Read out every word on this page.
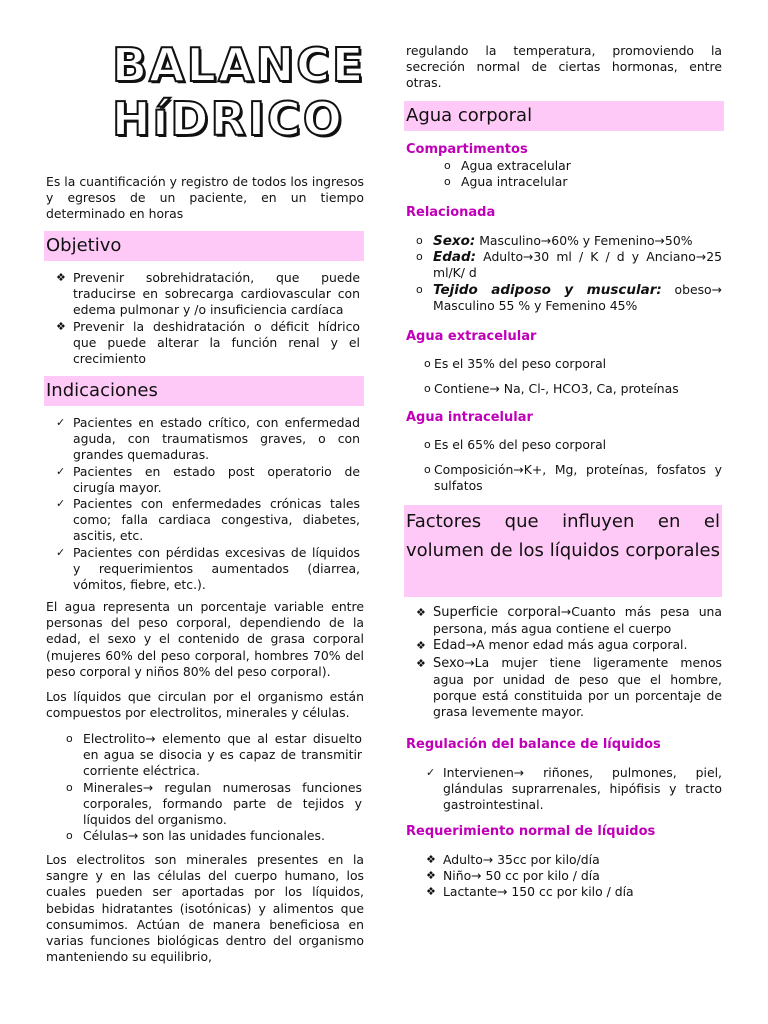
BALANCE
HíDRICO

Es la cuantificación y registro de todos los ingresos y egresos de un paciente, en un tiempo determinado en horas

Objetivo
❖ Prevenir sobrehidratación, que puede traducirse en sobrecarga cardiovascular con edema pulmonar y /o insuficiencia cardíaca
❖ Prevenir la deshidratación o déficit hídrico que puede alterar la función renal y el crecimiento
Indicaciones
✓ Pacientes en estado crítico, con enfermedad aguda, con traumatismos graves, o con grandes quemaduras.
✓ Pacientes en estado post operatorio de cirugía mayor.
✓ Pacientes con enfermedades crónicas tales como; falla cardiaca congestiva, diabetes, ascitis, etc.
✓ Pacientes con pérdidas excesivas de líquidos y requerimientos aumentados (diarrea, vómitos, fiebre, etc.).

El agua representa un porcentaje variable entre personas del peso corporal, dependiendo de la edad, el sexo y el contenido de grasa corporal (mujeres 60% del peso corporal, hombres 70% del peso corporal y niños 80% del peso corporal).

Los líquidos que circulan por el organismo están compuestos por electrolitos, minerales y células.

o Electrolito→ elemento que al estar disuelto en agua se disocia y es capaz de transmitir corriente eléctrica.
o Minerales→ regulan numerosas funciones corporales, formando parte de tejidos y líquidos del organismo.
o Células→ son las unidades funcionales.

Los electrolitos son minerales presentes en la sangre y en las células del cuerpo humano, los cuales pueden ser aportadas por los líquidos, bebidas hidratantes (isotónicas) y alimentos que consumimos. Actúan de manera beneficiosa en varias funciones biológicas dentro del organismo manteniendo su equilibrio,

regulando la temperatura, promoviendo la secreción normal de ciertas hormonas, entre otras.

Agua corporal
Compartimentos
o Agua extracelular
o Agua intracelular
Relacionada
o Sexo: Masculino→60% y Femenino→50%
o Edad: Adulto→30 ml / K / d y Anciano→25 ml/K/ d
o Tejido adiposo y muscular: obeso→ Masculino 55 % y Femenino 45%
Agua extracelular
o Es el 35% del peso corporal
o Contiene→ Na, Cl-, HCO3, Ca, proteínas
Agua intracelular
o Es el 65% del peso corporal
o Composición→K+, Mg, proteínas, fosfatos y sulfatos
Factores que influyen en el volumen de los líquidos corporales
❖ Superficie corporal→Cuanto más pesa una persona, más agua contiene el cuerpo
❖ Edad→A menor edad más agua corporal.
❖ Sexo→La mujer tiene ligeramente menos agua por unidad de peso que el hombre, porque está constituida por un porcentaje de grasa levemente mayor.
Regulación del balance de líquidos
✓ Intervienen→ riñones, pulmones, piel, glándulas suprarrenales, hipófisis y tracto gastrointestinal.
Requerimiento normal de líquidos
❖ Adulto→ 35cc por kilo/día
❖ Niño→ 50 cc por kilo / día
❖ Lactante→ 150 cc por kilo / día
